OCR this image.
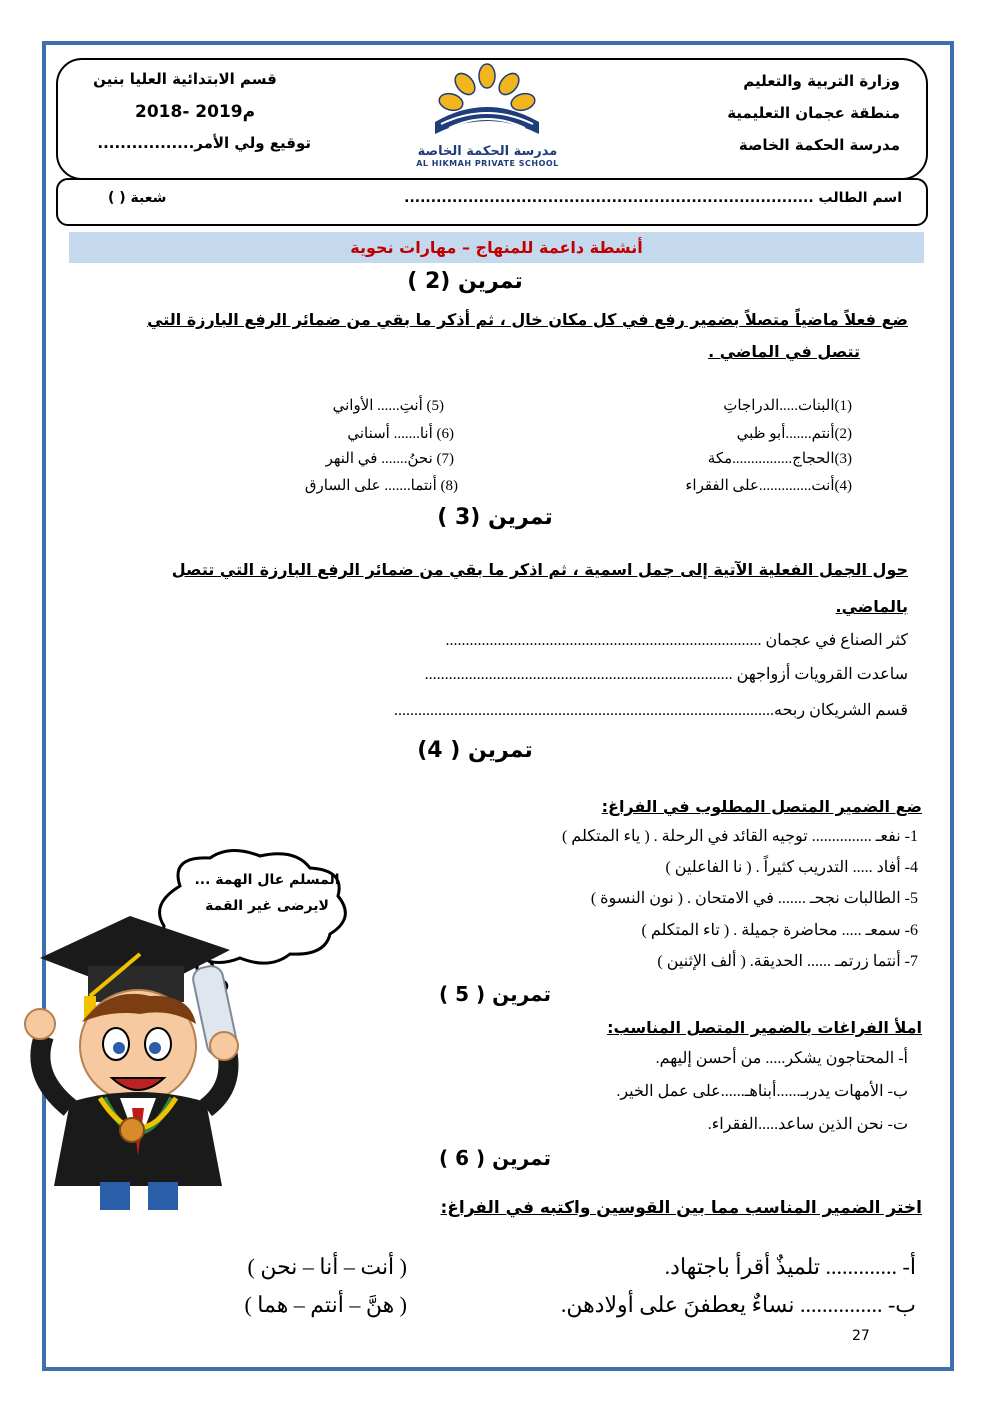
وزارة التربية والتعليم
منطقة عجمان التعليمية
مدرسة الحكمة الخاصة
قسم الابتدائية العليا بنين
2018- 2019م
توقيع ولي الأمر.................	مدرسة الحكمة الخاصة
AL HIKMAH PRIVATE SCHOOL
اسم الطالب .............................................................................
شعبة ( )
أنشطة داعمة للمنهاج – مهارات نحوية
تمرين (2 )
ضع فعلاً ماضياً متصلاً بضمير رفع في كل مكان خال ، ثم أذكر ما بقي من ضمائر الرفع البارزة التي
تتصل في الماضي .
(1)البنات.....الدراجاتِ
(2)أنتم.......أبو ظبي
(3)الحجاج................مكة
(4)أنت..............على الفقراء
(5) أنتِ...... الأواني
(6) أنا....... أسناني
(7) نحنُ....... في النهر
(8) أنتما....... على السارق
تمرين (3 )
حول الجمل الفعلية الآتية إلى جمل اسمية ، ثم اذكر ما بقي من ضمائر الرفع البارزة التي تتصل
بالماضي.
كثر الصناع في عجمان ...............................................................................
ساعدت القرويات أزواجهن .............................................................................
قسم الشريكان ربحه...............................................................................................
تمرين ( 4)
ضع الضمير المتصل المطلوب في الفراغ:
1- نفعـ ............... توجيه القائد في الرحلة . ( ياء المتكلم )
4- أفاد ..... التدريب كثيراً . ( نا الفاعلين )
5- الطالبات نجحـ ....... في الامتحان . ( نون النسوة )
6- سمعـ ..... محاضرة جميلة . ( تاء المتكلم )
7- أنتما زرتمـ ...... الحديقة. ( ألف الإثنين )
تمرين ( 5 )
املأ الفراغات بالضمير المتصل المناسب:
أ- المحتاجون يشكر..... من أحسن إليهم.
ب- الأمهات يدربـ......أبناهـ......على عمل الخير.
ت- نحن الذين ساعد.....الفقراء.
تمرين ( 6 )
اختر الضمير المناسب مما بين القوسين واكتبه في الفراغ:
أ- ............. تلميذٌ أقرأ باجتهاد.
( أنت – أنا – نحن )
ب- ............... نساءٌ يعطفنَ على أولادهن.
( هنَّ – أنتم – هما )
27
المسلم عال الهمة ...
لايرضى غير القمة
